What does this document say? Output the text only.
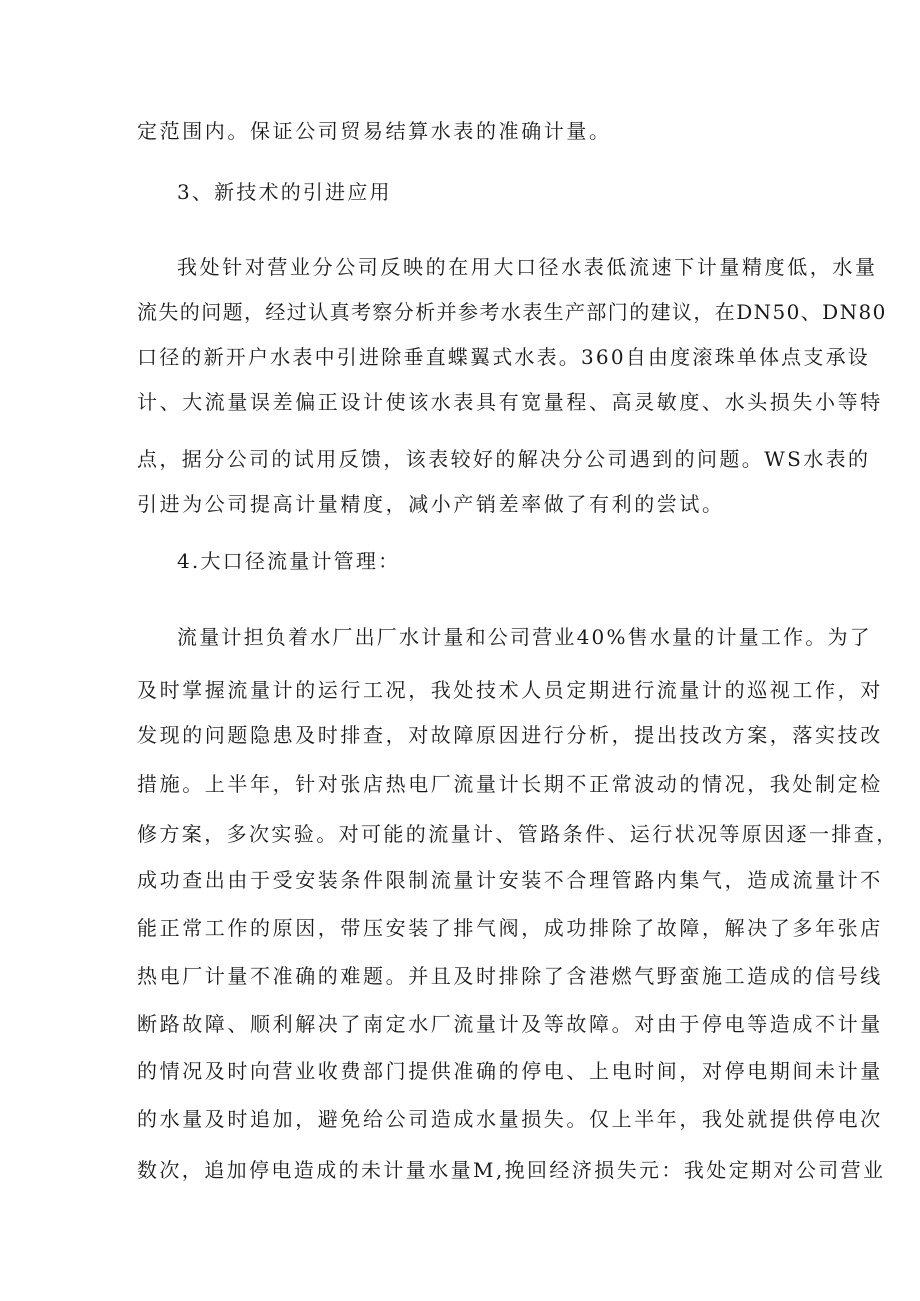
定范围内。保证公司贸易结算水表的准确计量。

3、新技术的引进应用

我处针对营业分公司反映的在用大口径水表低流速下计量精度低，水量

流失的问题，经过认真考察分析并参考水表生产部门的建议，在DN50、DN80

口径的新开户水表中引进除垂直蝶翼式水表。360自由度滚珠单体点支承设

计、大流量误差偏正设计使该水表具有宽量程、高灵敏度、水头损失小等特

点，据分公司的试用反馈，该表较好的解决分公司遇到的问题。WS水表的

引进为公司提高计量精度，减小产销差率做了有利的尝试。

4.大口径流量计管理：

流量计担负着水厂出厂水计量和公司营业40%售水量的计量工作。为了

及时掌握流量计的运行工况，我处技术人员定期进行流量计的巡视工作，对

发现的问题隐患及时排查，对故障原因进行分析，提出技改方案，落实技改

措施。上半年，针对张店热电厂流量计长期不正常波动的情况，我处制定检

修方案，多次实验。对可能的流量计、管路条件、运行状况等原因逐一排查，

成功查出由于受安装条件限制流量计安装不合理管路内集气，造成流量计不

能正常工作的原因，带压安装了排气阀，成功排除了故障，解决了多年张店

热电厂计量不准确的难题。并且及时排除了含港燃气野蛮施工造成的信号线

断路故障、顺利解决了南定水厂流量计及等故障。对由于停电等造成不计量

的情况及时向营业收费部门提供准确的停电、上电时间，对停电期间未计量

的水量及时追加，避免给公司造成水量损失。仅上半年，我处就提供停电次

数次，追加停电造成的未计量水量M,挽回经济损失元：我处定期对公司营业
